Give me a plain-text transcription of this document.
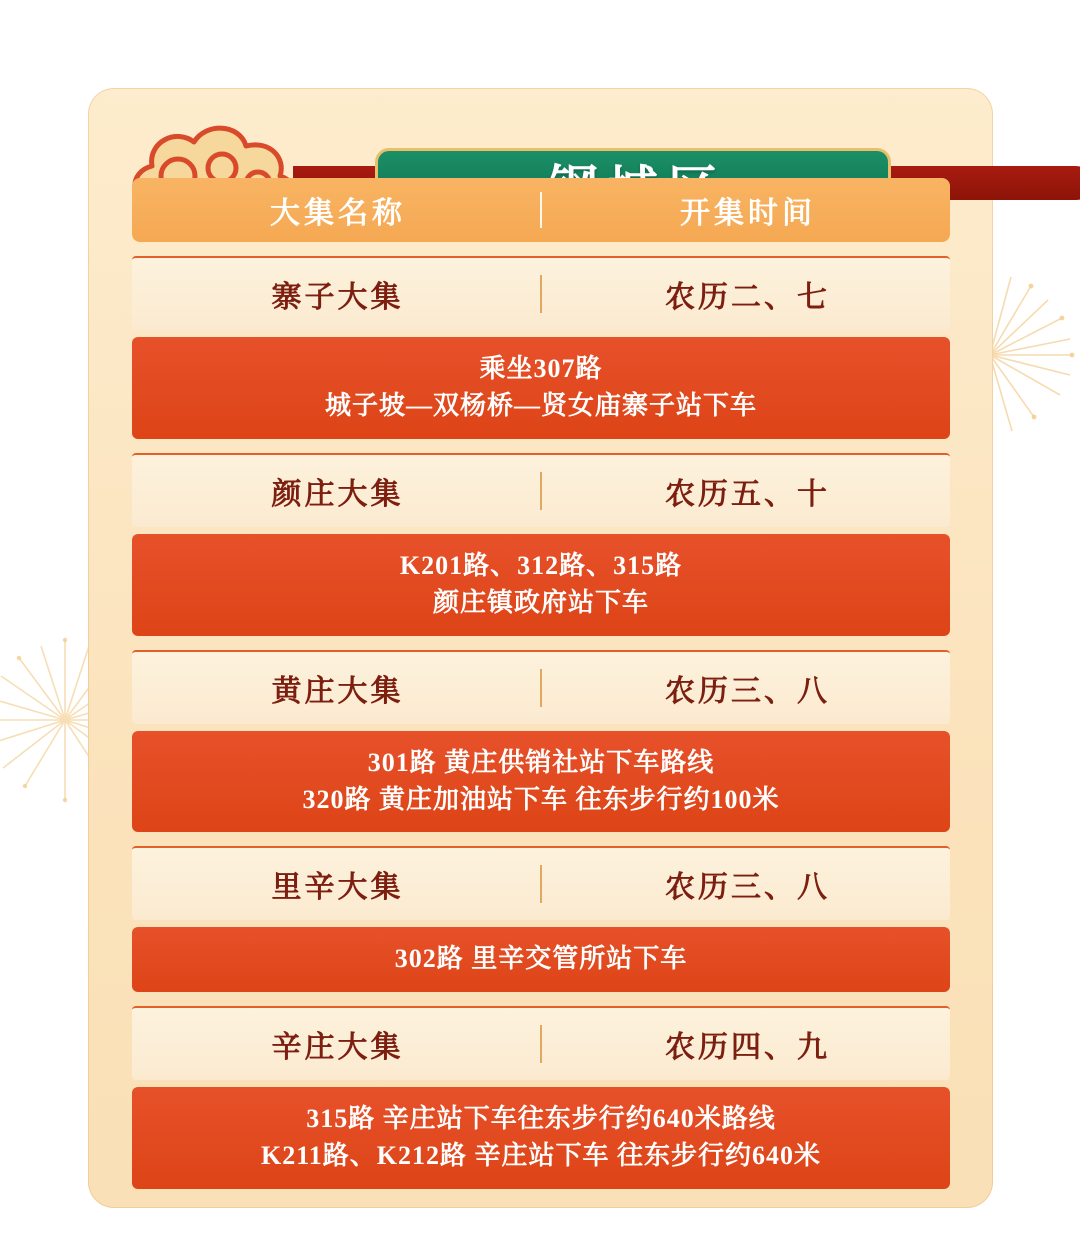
大集名称	开集时间
寨子大集	农历二、七
乘坐307路
城子坡—双杨桥—贤女庙寨子站下车
颜庄大集	农历五、十
K201路、312路、315路
颜庄镇政府站下车
黄庄大集	农历三、八
301路 黄庄供销社站下车路线
320路 黄庄加油站下车 往东步行约100米
里辛大集	农历三、八
302路 里辛交管所站下车
辛庄大集	农历四、九
315路 辛庄站下车往东步行约640米路线
K211路、K212路 辛庄站下车 往东步行约640米
